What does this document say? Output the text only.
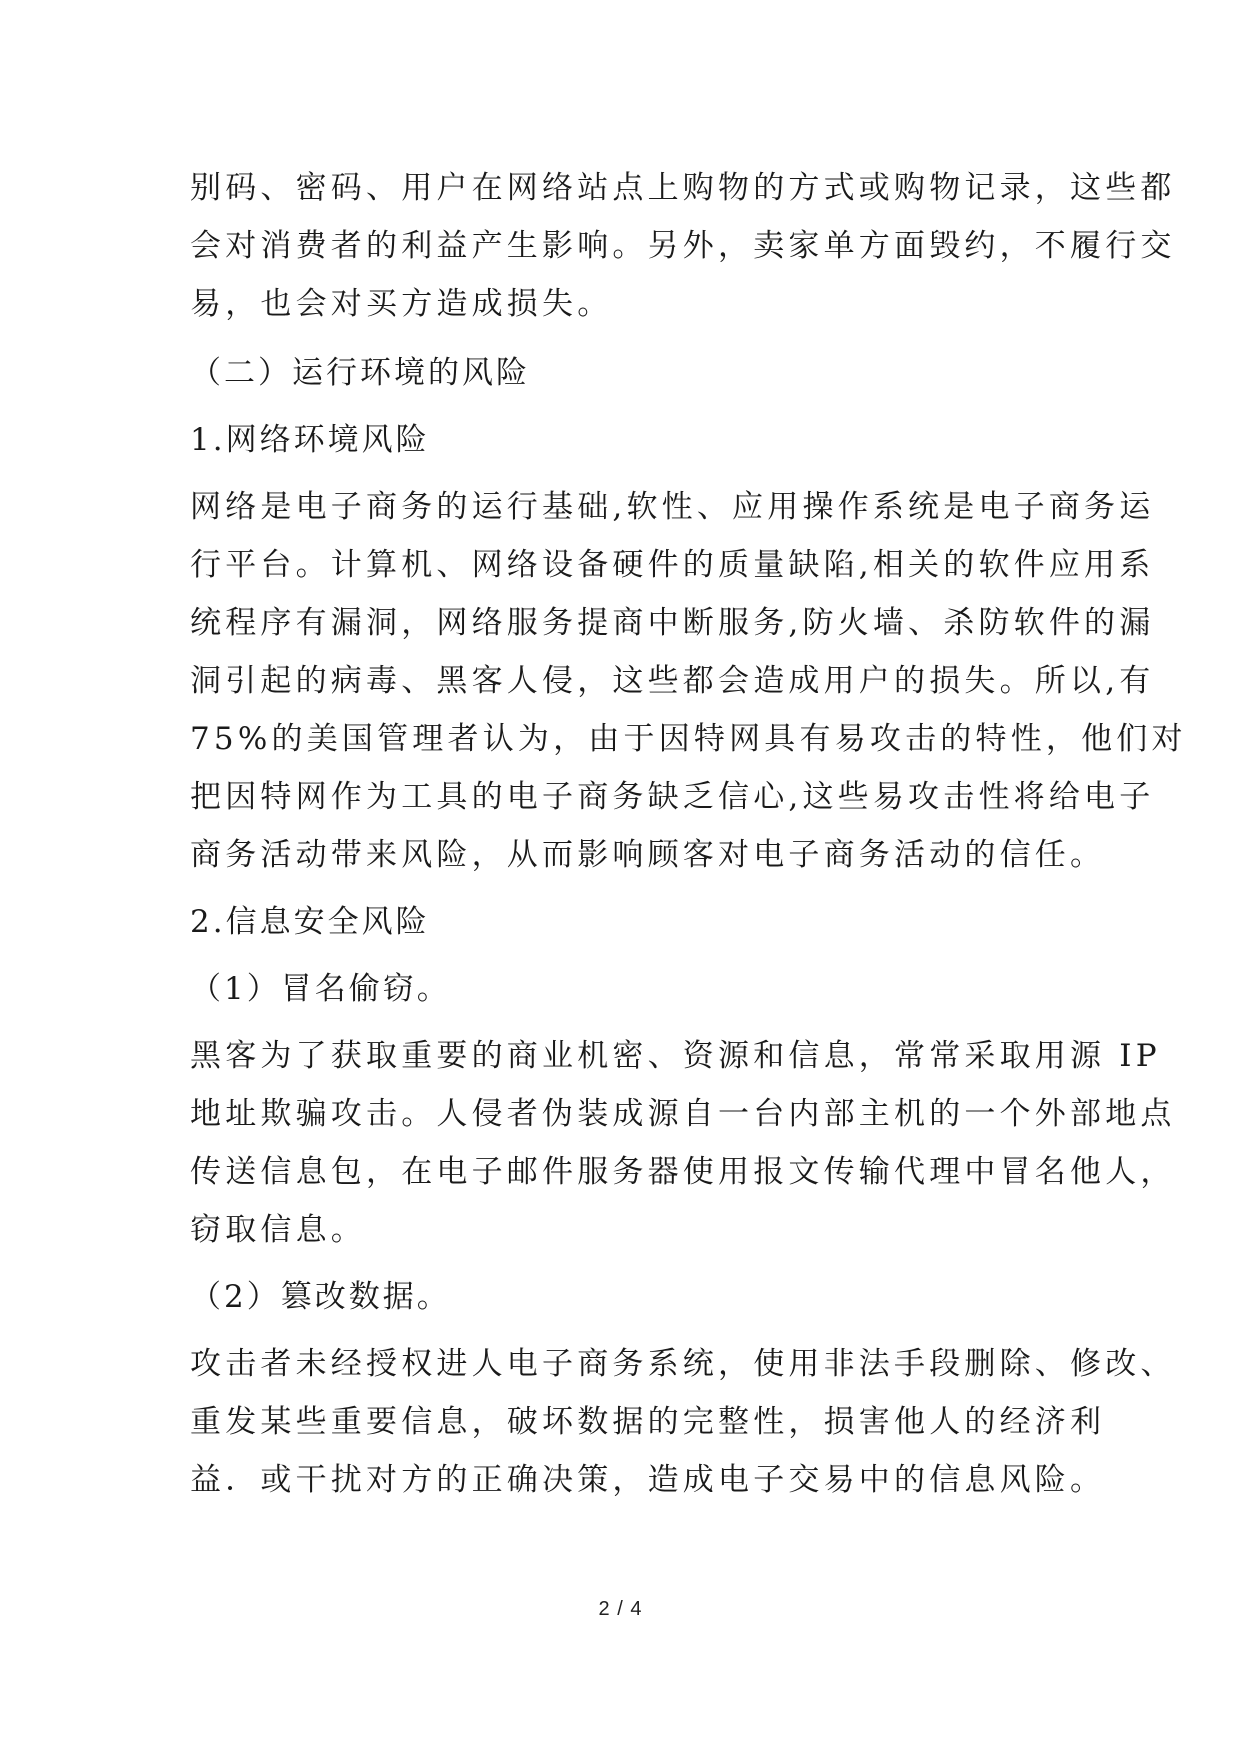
别码、密码、用户在网络站点上购物的方式或购物记录，这些都
会对消费者的利益产生影响。另外，卖家单方面毁约，不履行交
易，也会对买方造成损失。
（二）运行环境的风险
1.网络环境风险
网络是电子商务的运行基础,软性、应用操作系统是电子商务运
行平台。计算机、网络设备硬件的质量缺陷,相关的软件应用系
统程序有漏洞，网络服务提商中断服务,防火墙、杀防软件的漏
洞引起的病毒、黑客人侵，这些都会造成用户的损失。所以,有
75%的美国管理者认为，由于因特网具有易攻击的特性，他们对
把因特网作为工具的电子商务缺乏信心,这些易攻击性将给电子
商务活动带来风险，从而影响顾客对电子商务活动的信任。
2.信息安全风险
（1）冒名偷窃。
黑客为了获取重要的商业机密、资源和信息，常常采取用源 IP
地址欺骗攻击。人侵者伪装成源自一台内部主机的一个外部地点
传送信息包，在电子邮件服务器使用报文传输代理中冒名他人，
窃取信息。
（2）篡改数据。
攻击者未经授权进人电子商务系统，使用非法手段删除、修改、
重发某些重要信息，破坏数据的完整性，损害他人的经济利
益．或干扰对方的正确决策，造成电子交易中的信息风险。
2 / 4
